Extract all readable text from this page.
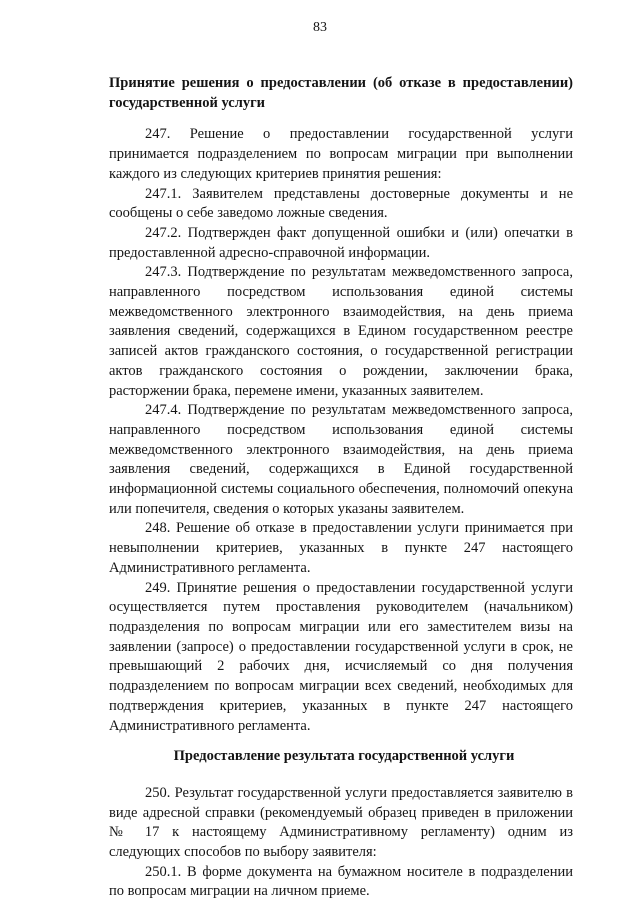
83

Принятие решения о предоставлении (об отказе в предоставлении) государственной услуги

247. Решение о предоставлении государственной услуги принимается подразделением по вопросам миграции при выполнении каждого из следующих критериев принятия решения:

247.1. Заявителем представлены достоверные документы и не сообщены о себе заведомо ложные сведения.

247.2. Подтвержден факт допущенной ошибки и (или) опечатки в предоставленной адресно-справочной информации.

247.3. Подтверждение по результатам межведомственного запроса, направленного посредством использования единой системы межведомственного электронного взаимодействия, на день приема заявления сведений, содержащихся в Едином государственном реестре записей актов гражданского состояния, о государственной регистрации актов гражданского состояния о рождении, заключении брака, расторжении брака, перемене имени, указанных заявителем.

247.4. Подтверждение по результатам межведомственного запроса, направленного посредством использования единой системы межведомственного электронного взаимодействия, на день приема заявления сведений, содержащихся в Единой государственной информационной системы социального обеспечения, полномочий опекуна или попечителя, сведения о которых указаны заявителем.

248. Решение об отказе в предоставлении услуги принимается при невыполнении критериев, указанных в пункте 247 настоящего Административного регламента.

249. Принятие решения о предоставлении государственной услуги осуществляется путем проставления руководителем (начальником) подразделения по вопросам миграции или его заместителем визы на заявлении (запросе) о предоставлении государственной услуги в срок, не превышающий 2 рабочих дня, исчисляемый со дня получения подразделением по вопросам миграции всех сведений, необходимых для подтверждения критериев, указанных в пункте 247 настоящего Административного регламента.

Предоставление результата государственной услуги

250. Результат государственной услуги предоставляется заявителю в виде адресной справки (рекомендуемый образец приведен в приложении № 17 к настоящему Административному регламенту) одним из следующих способов по выбору заявителя:

250.1. В форме документа на бумажном носителе в подразделении по вопросам миграции на личном приеме.
